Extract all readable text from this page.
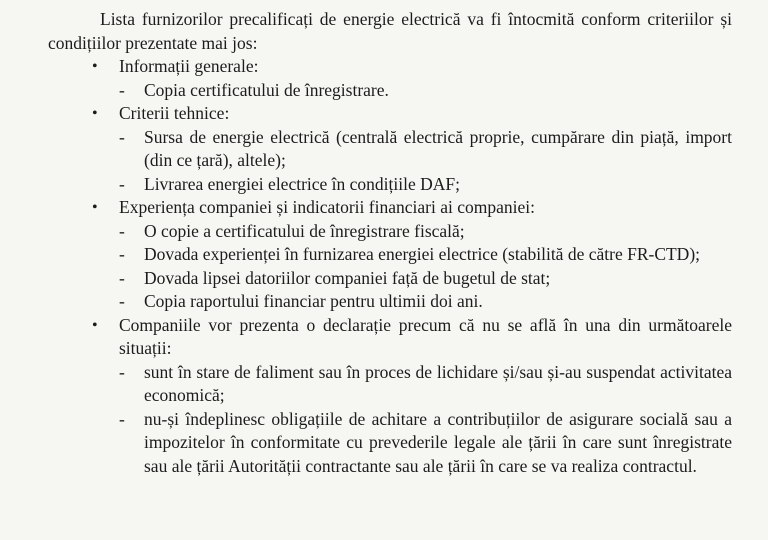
Lista furnizorilor precalificați de energie electrică va fi întocmită conform criteriilor și condițiilor prezentate mai jos:

• Informații generale:
- Copia certificatului de înregistrare.
• Criterii tehnice:
- Sursa de energie electrică (centrală electrică proprie, cumpărare din piață, import (din ce țară), altele);
- Livrarea energiei electrice în condițiile DAF;
• Experiența companiei și indicatorii financiari ai companiei:
- O copie a certificatului de înregistrare fiscală;
- Dovada experienței în furnizarea energiei electrice (stabilită de către FR-CTD);
- Dovada lipsei datoriilor companiei față de bugetul de stat;
- Copia raportului financiar pentru ultimii doi ani.
• Companiile vor prezenta o declarație precum că nu se află în una din următoarele situații:
- sunt în stare de faliment sau în proces de lichidare și/sau și-au suspendat activitatea economică;
- nu-și îndeplinesc obligațiile de achitare a contribuțiilor de asigurare socială sau a impozitelor în conformitate cu prevederile legale ale țării în care sunt înregistrate sau ale țării Autorității contractante sau ale țării în care se va realiza contractul.
